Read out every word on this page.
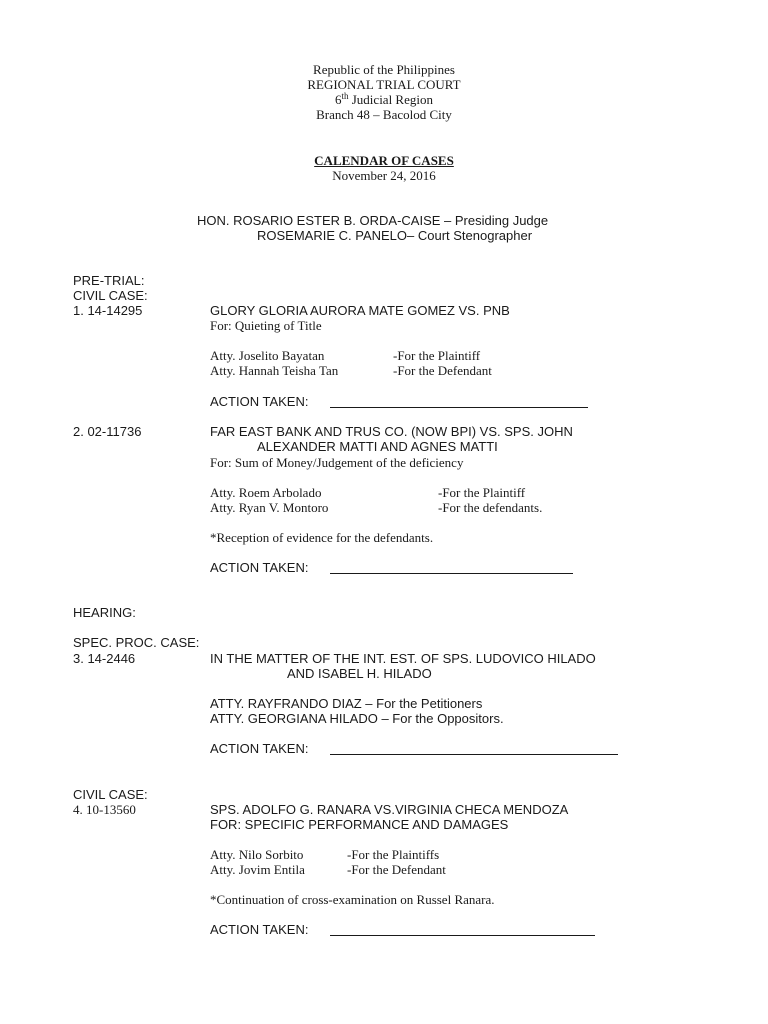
Republic of the Philippines
REGIONAL TRIAL COURT
6th Judicial Region
Branch 48 – Bacolod City
CALENDAR OF CASES
November 24, 2016
HON. ROSARIO ESTER B. ORDA-CAISE – Presiding Judge
ROSEMARIE C. PANELO– Court Stenographer
PRE-TRIAL:
CIVIL CASE:
1. 14-14295	GLORY GLORIA AURORA MATE GOMEZ VS. PNB
For: Quieting of Title
Atty. Joselito Bayatan	-For the Plaintiff
Atty. Hannah Teisha Tan	-For the Defendant
ACTION TAKEN:
2. 02-11736	FAR EAST BANK AND TRUS CO. (NOW BPI) VS. SPS. JOHN
ALEXANDER MATTI AND AGNES MATTI
For: Sum of Money/Judgement of the deficiency
Atty. Roem Arbolado	-For the Plaintiff
Atty. Ryan V. Montoro	-For the defendants.
*Reception of evidence for the defendants.
ACTION TAKEN:
HEARING:
SPEC. PROC. CASE:
3. 14-2446	IN THE MATTER OF THE INT. EST. OF SPS. LUDOVICO HILADO
AND ISABEL H. HILADO
ATTY. RAYFRANDO DIAZ – For the Petitioners
ATTY. GEORGIANA HILADO – For the Oppositors.
ACTION TAKEN:
CIVIL CASE:
4. 10-13560	SPS. ADOLFO G. RANARA VS.VIRGINIA CHECA MENDOZA
FOR: SPECIFIC PERFORMANCE AND DAMAGES
Atty. Nilo Sorbito	-For the Plaintiffs
Atty. Jovim Entila	-For the Defendant
*Continuation of cross-examination on Russel Ranara.
ACTION TAKEN:
